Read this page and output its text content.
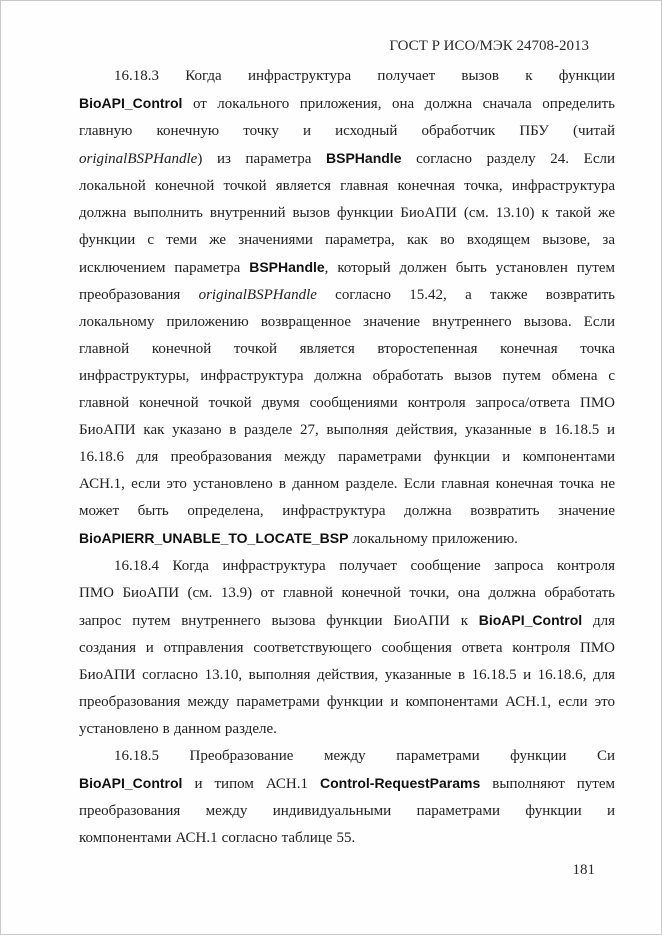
ГОСТ Р ИСО/МЭК 24708-2013
16.18.3 Когда инфраструктура получает вызов к функции
BioAPI_Control от локального приложения, она должна сначала определить
главную конечную точку и исходный обработчик ПБУ (читай
originalBSPHandle) из параметра BSPHandle согласно разделу 24. Если
локальной конечной точкой является главная конечная точка, инфраструктура
должна выполнить внутренний вызов функции БиоАПИ (см. 13.10) к такой же
функции с теми же значениями параметра, как во входящем вызове, за
исключением параметра BSPHandle, который должен быть установлен путем
преобразования originalBSPHandle согласно 15.42, а также возвратить
локальному приложению возвращенное значение внутреннего вызова. Если
главной конечной точкой является второстепенная конечная точка
инфраструктуры, инфраструктура должна обработать вызов путем обмена с
главной конечной точкой двумя сообщениями контроля запроса/ответа ПМО
БиоАПИ как указано в разделе 27, выполняя действия, указанные в 16.18.5 и
16.18.6 для преобразования между параметрами функции и компонентами
АСН.1, если это установлено в данном разделе. Если главная конечная точка не
может быть определена, инфраструктура должна возвратить значение
BioAPIERR_UNABLE_TO_LOCATE_BSP локальному приложению.
16.18.4 Когда инфраструктура получает сообщение запроса контроля
ПМО БиоАПИ (см. 13.9) от главной конечной точки, она должна обработать
запрос путем внутреннего вызова функции БиоАПИ к BioAPI_Control для
создания и отправления соответствующего сообщения ответа контроля ПМО
БиоАПИ согласно 13.10, выполняя действия, указанные в 16.18.5 и 16.18.6, для
преобразования между параметрами функции и компонентами АСН.1, если это
установлено в данном разделе.
16.18.5 Преобразование между параметрами функции Си
BioAPI_Control и типом АСН.1 Control-RequestParams выполняют путем
преобразования между индивидуальными параметрами функции и
компонентами АСН.1 согласно таблице 55.
181
